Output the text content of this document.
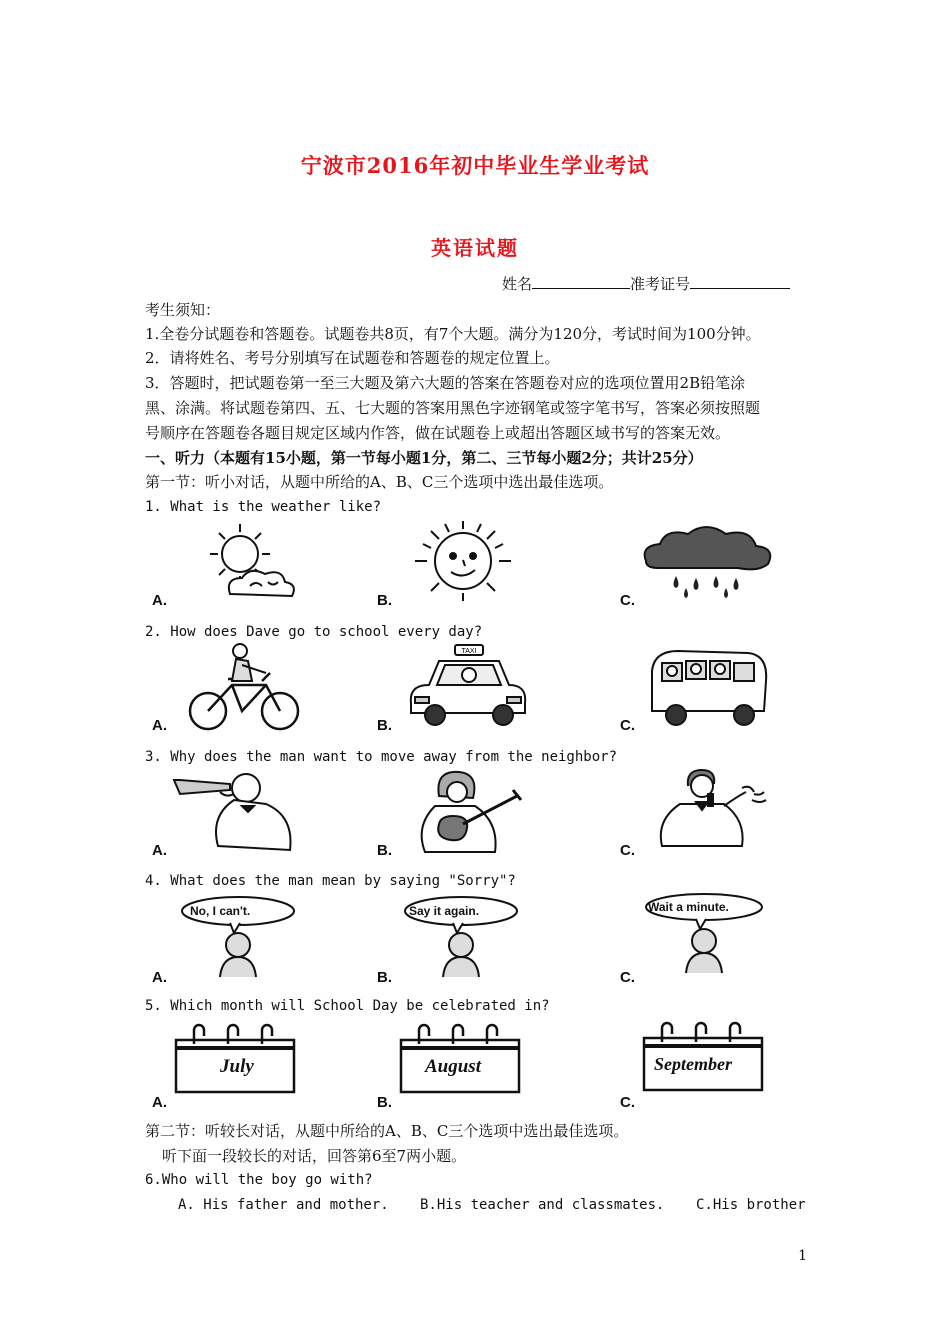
宁波市2016年初中毕业生学业考试
英语试题
姓名	准考证号
考生须知：
1.全卷分试题卷和答题卷。试题卷共8页，有7个大题。满分为120分，考试时间为100分钟。
2．请将姓名、考号分别填写在试题卷和答题卷的规定位置上。
3．答题时，把试题卷第一至三大题及第六大题的答案在答题卷对应的选项位置用2B铅笔涂
黑、涂满。将试题卷第四、五、七大题的答案用黑色字迹钢笔或签字笔书写，答案必须按照题
号顺序在答题卷各题目规定区域内作答，做在试题卷上或超出答题区域书写的答案无效。
一、听力（本题有15小题，第一节每小题1分，第二、三节每小题2分；共计25分）
第一节：听小对话，从题中所给的A、B、C三个选项中选出最佳选项。
1. What is the weather like?
A.	B.	C.
2. How does Dave go to school every day?
A.
TAXI
B.	C.
3. Why does the man want to move away from the neighbor?
A.	B.	C.
4. What does the man mean by saying "Sorry"?
No, I can't.
A.
Say it again.
B.
Wait a minute.
C.
5. Which month will School Day be celebrated in?
July
A.
August
B.
September
C.
第二节：听较长对话，从题中所给的A、B、C三个选项中选出最佳选项。
听下面一段较长的对话，回答第6至7两小题。
6.Who will the boy go with?
A. His father and mother. B.His teacher and classmates. C.His brother
1
